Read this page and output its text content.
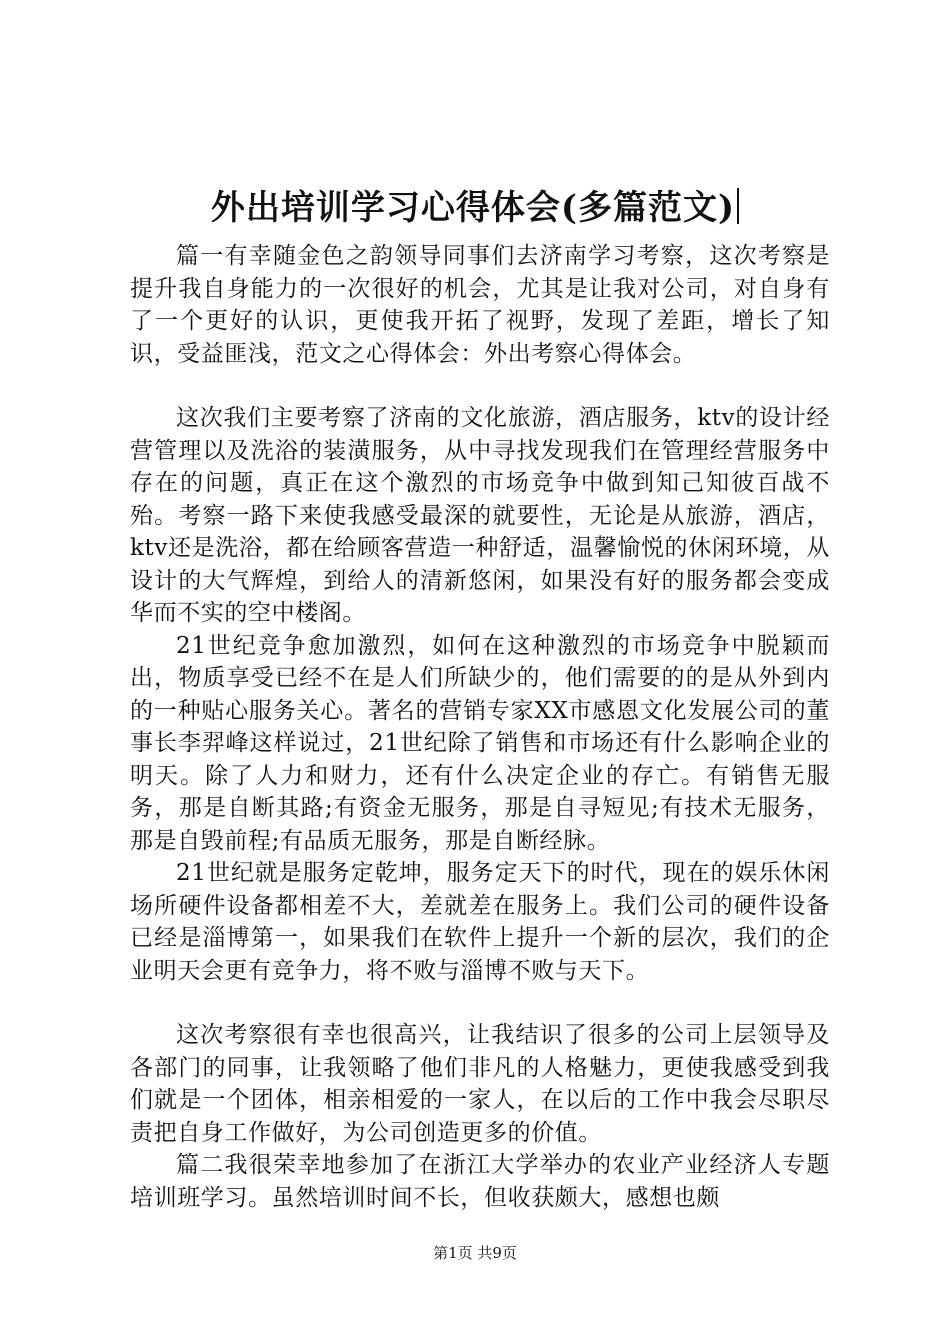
外出培训学习心得体会(多篇范文)

篇一有幸随金色之韵领导同事们去济南学习考察，这次考察是提升我自身能力的一次很好的机会，尤其是让我对公司，对自身有了一个更好的认识，更使我开拓了视野，发现了差距，增长了知识，受益匪浅，范文之心得体会：外出考察心得体会。

这次我们主要考察了济南的文化旅游，酒店服务，ktv的设计经营管理以及洗浴的装潢服务，从中寻找发现我们在管理经营服务中存在的问题，真正在这个激烈的市场竞争中做到知己知彼百战不殆。考察一路下来使我感受最深的就要性，无论是从旅游，酒店，ktv还是洗浴，都在给顾客营造一种舒适，温馨愉悦的休闲环境，从设计的大气辉煌，到给人的清新悠闲，如果没有好的服务都会变成华而不实的空中楼阁。

21世纪竞争愈加激烈，如何在这种激烈的市场竞争中脱颖而出，物质享受已经不在是人们所缺少的，他们需要的的是从外到内的一种贴心服务关心。著名的营销专家XX市感恩文化发展公司的董事长李羿峰这样说过，21世纪除了销售和市场还有什么影响企业的明天。除了人力和财力，还有什么决定企业的存亡。有销售无服务，那是自断其路;有资金无服务，那是自寻短见;有技术无服务，那是自毁前程;有品质无服务，那是自断经脉。

21世纪就是服务定乾坤，服务定天下的时代，现在的娱乐休闲场所硬件设备都相差不大，差就差在服务上。我们公司的硬件设备已经是淄博第一，如果我们在软件上提升一个新的层次，我们的企业明天会更有竞争力，将不败与淄博不败与天下。

这次考察很有幸也很高兴，让我结识了很多的公司上层领导及各部门的同事，让我领略了他们非凡的人格魅力，更使我感受到我们就是一个团体，相亲相爱的一家人，在以后的工作中我会尽职尽责把自身工作做好，为公司创造更多的价值。

篇二我很荣幸地参加了在浙江大学举办的农业产业经济人专题培训班学习。虽然培训时间不长，但收获颇大，感想也颇

第1页 共9页
